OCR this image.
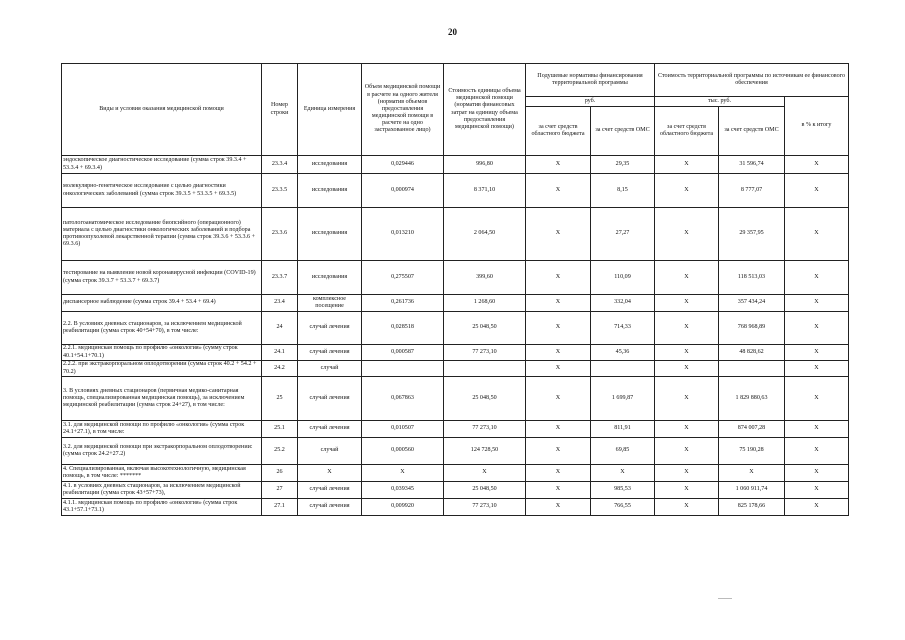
20
Виды и условия оказания медицинской помощи	Номер строки	Единица измерения	Объем медицинской помощи в расчете на одного жителя (норматив объемов предоставления медицинской помощи в расчете на одно застрахованное лицо)	Стоимость единицы объема медицинской помощи (норматив финансовых затрат на единицу объема предоставления медицинской помощи)	Подушевые нормативы финансирования территориальной программы		Стоимость территориальной программы по источникам ее финансового обеспечения		
					руб.		тыс. руб.		в % к итогу
					за счет средств областного бюджета	за счет средств ОМС	за счет средств областного бюджета	за счет средств ОМС	
эндоскопическое диагностическое исследование (сумма строк 39.3.4 + 53.3.4 + 69.3.4)	23.3.4	исследования	0,029446	996,80	X	29,35	X	31 596,74	X
молекулярно-генетическое исследование с целью диагностики онкологических заболеваний (сумма строк 39.3.5 + 53.3.5 + 69.3.5)	23.3.5	исследования	0,000974	8 371,10	X	8,15	X	8 777,07	X
патологоанатомическое исследование биопсийного (операционного) материала с целью диагностики онкологических заболеваний и подбора противоопухолевой лекарственной терапии (сумма строк 39.3.6 + 53.3.6 + 69.3.6)	23.3.6	исследования	0,013210	2 064,50	X	27,27	X	29 357,95	X
тестирование на выявление новой коронавирусной инфекции (COVID-19) (сумма строк 39.3.7 + 53.3.7 + 69.3.7)	23.3.7	исследования	0,275507	399,60	X	110,09	X	118 513,03	X
диспансерное наблюдение (сумма строк 39.4 + 53.4 + 69.4)	23.4	комплексное посещение	0,261736	1 268,60	X	332,04	X	357 434,24	X
2.2. В условиях дневных стационаров, за исключением медицинской реабилитации (сумма строк 40+54+70), в том числе:	24	случай лечения	0,028518	25 048,50	X	714,33	X	768 968,89	X
2.2.1. медицинская помощь по профилю «онкология» (сумму строк 40.1+54.1+70.1)	24.1	случай лечения	0,000587	77 273,10	X	45,36	X	48 828,62	X
2.2.2. при экстракорпоральном оплодотворении (сумма строк 40.2 + 54.2 + 70.2)	24.2	случай			X		X		X
3. В условиях дневных стационаров (первичная медико-санитарная помощь, специализированная медицинская помощь), за исключением медицинской реабилитации (сумма строк 24+27), в том числе:	25	случай лечения	0,067863	25 048,50	X	1 699,87	X	1 829 880,63	X
3.1. для медицинской помощи по профилю «онкология» (сумма строк 24.1+27.1), в том числе:	25.1	случай лечения	0,010507	77 273,10	X	811,91	X	874 007,28	X
3.2. для медицинской помощи при экстракорпоральном оплодотворении: (сумма строк 24.2+27.2)	25.2	случай	0,000560	124 728,50	X	69,85	X	75 190,28	X
4. Специализированная, включая высокотехнологичную, медицинская помощь, в том числе: *******	26	X	X	X	X	X	X	X	X
4.1. в условиях дневных стационаров, за исключением медицинской реабилитации (сумма строк 43+57+73),	27	случай лечения	0,039345	25 048,50	X	985,53	X	1 060 911,74	X
4.1.1. медицинская помощь по профилю «онкология» (сумма строк 43.1+57.1+73.1)	27.1	случай лечения	0,009920	77 273,10	X	766,55	X	825 178,66	X
